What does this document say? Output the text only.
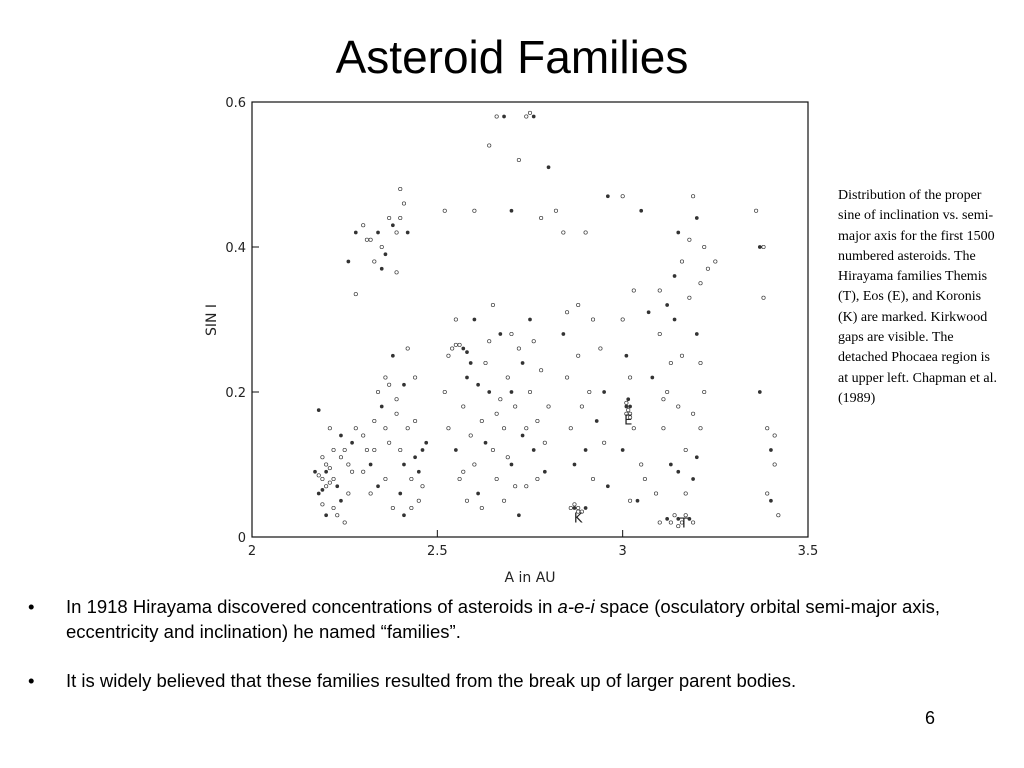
Asteroid Families
2	2.5	3	3.5
0
0.2
0.4
0.6
E
K	T
A in AU
SIN I
Distribution of the proper sine of inclination vs. semi-major axis for the first 1500 numbered asteroids. The Hirayama families Themis (T), Eos (E), and Koronis (K) are marked. Kirkwood gaps are visible. The detached Phocaea region is at upper left. Chapman et al. (1989)
• In 1918 Hirayama discovered concentrations of asteroids in a-e-i space (osculatory orbital semi-major axis, eccentricity and inclination) he named “families”.
• It is widely believed that these families resulted from the break up of larger parent bodies.
6
